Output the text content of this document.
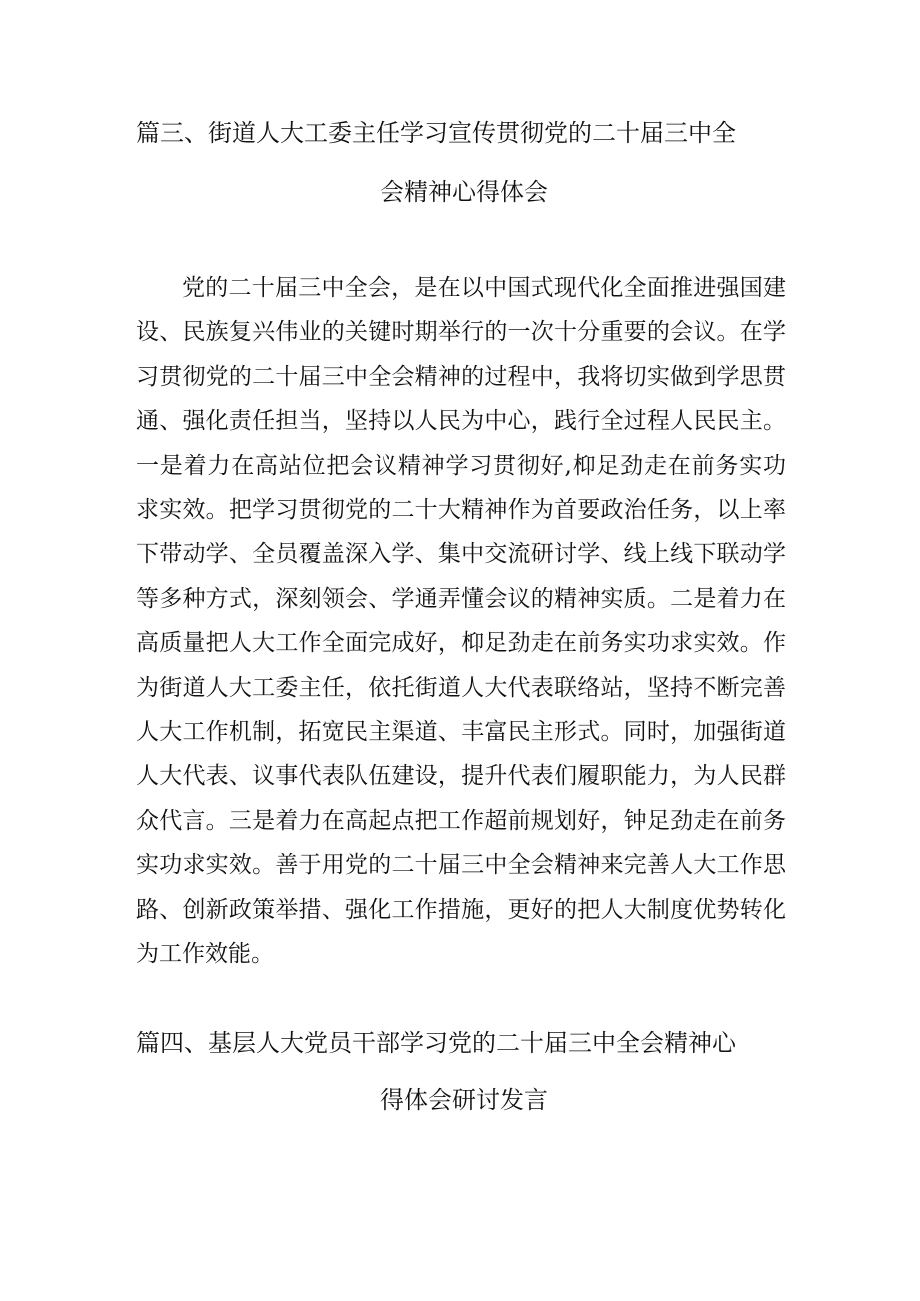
篇三、街道人大工委主任学习宣传贯彻党的二十届三中全
会精神心得体会
党的二十届三中全会，是在以中国式现代化全面推进强国建
设、民族复兴伟业的关键时期举行的一次十分重要的会议。在学
习贯彻党的二十届三中全会精神的过程中，我将切实做到学思贯
通、强化责任担当，坚持以人民为中心，践行全过程人民民主。
一是着力在高站位把会议精神学习贯彻好,枊足劲走在前务实功
求实效。把学习贯彻党的二十大精神作为首要政治任务，以上率
下带动学、全员覆盖深入学、集中交流研讨学、线上线下联动学
等多种方式，深刻领会、学通弄懂会议的精神实质。二是着力在
高质量把人大工作全面完成好，枊足劲走在前务实功求实效。作
为街道人大工委主任，依托街道人大代表联络站，坚持不断完善
人大工作机制，拓宽民主渠道、丰富民主形式。同时，加强街道
人大代表、议事代表队伍建设，提升代表们履职能力，为人民群
众代言。三是着力在高起点把工作超前规划好，钟足劲走在前务
实功求实效。善于用党的二十届三中全会精神来完善人大工作思
路、创新政策举措、强化工作措施，更好的把人大制度优势转化
为工作效能。
篇四、基层人大党员干部学习党的二十届三中全会精神心
得体会研讨发言
